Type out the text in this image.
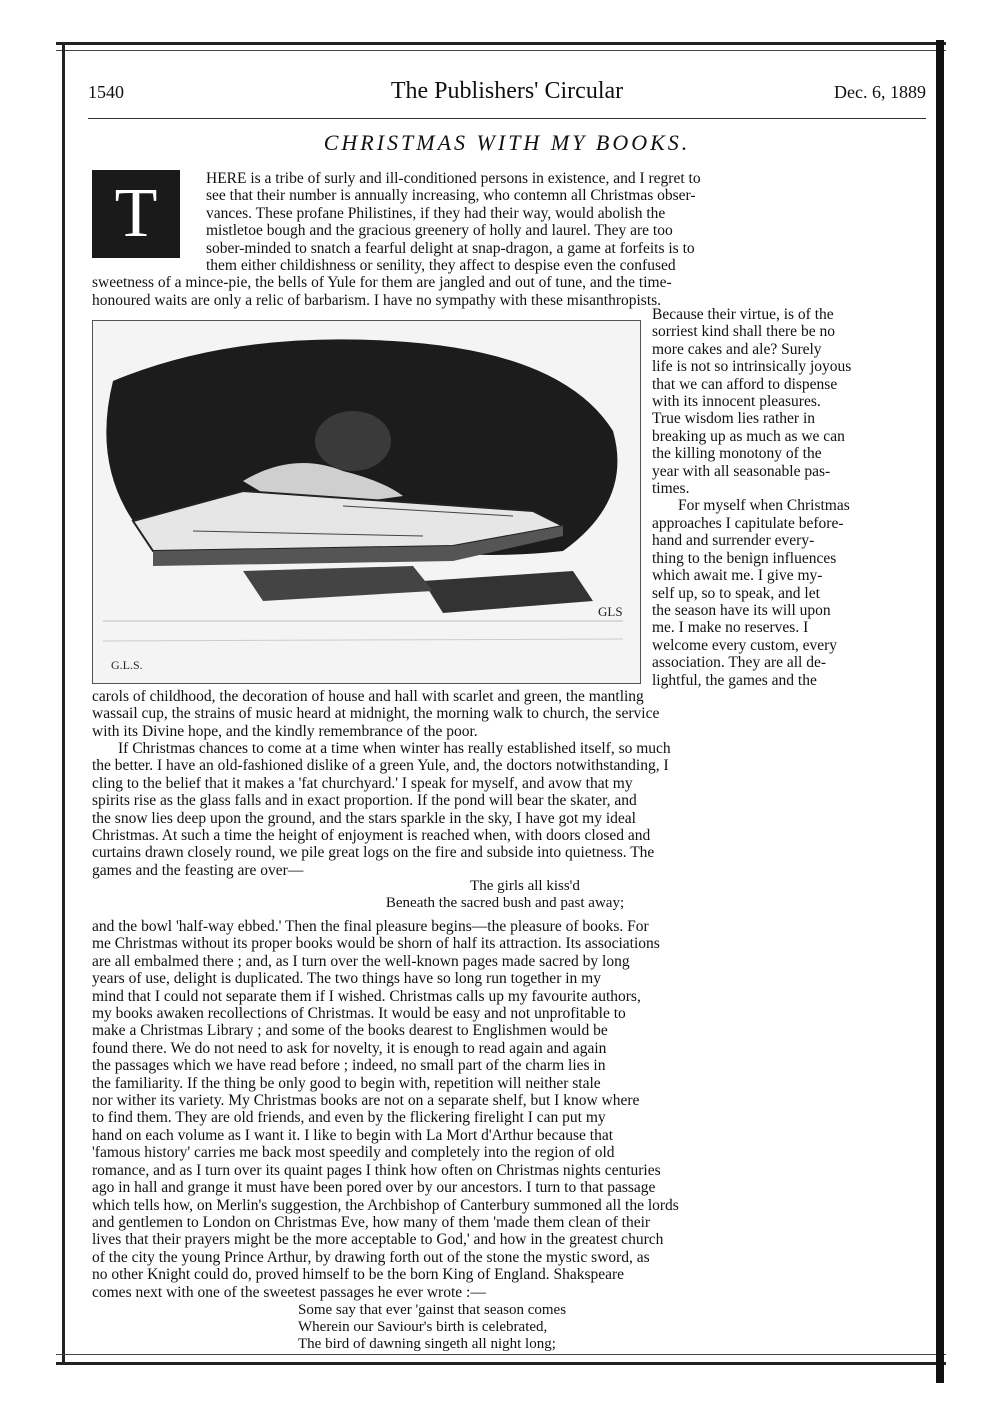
1540	The Publishers' Circular	Dec. 6, 1889
CHRISTMAS WITH MY BOOKS.
T	HERE is a tribe of surly and ill-conditioned persons in existence, and I regret to
see that their number is annually increasing, who contemn all Christmas obser-
vances. These profane Philistines, if they had their way, would abolish the
mistletoe bough and the gracious greenery of holly and laurel. They are too
sober-minded to snatch a fearful delight at snap-dragon, a game at forfeits is to
them either childishness or senility, they affect to despise even the confused
sweetness of a mince-pie, the bells of Yule for them are jangled and out of tune, and the time-
honoured waits are only a relic of barbarism. I have no sympathy with these misanthropists.
GLS
G.L.S.
Because their virtue, is of the
sorriest kind shall there be no
more cakes and ale? Surely
life is not so intrinsically joyous
that we can afford to dispense
with its innocent pleasures.
True wisdom lies rather in
breaking up as much as we can
the killing monotony of the
year with all seasonable pas-
times.
For myself when Christmas
approaches I capitulate before-
hand and surrender every-
thing to the benign influences
which await me. I give my-
self up, so to speak, and let
the season have its will upon
me. I make no reserves. I
welcome every custom, every
association. They are all de-
lightful, the games and the
carols of childhood, the decoration of house and hall with scarlet and green, the mantling
wassail cup, the strains of music heard at midnight, the morning walk to church, the service
with its Divine hope, and the kindly remembrance of the poor.
If Christmas chances to come at a time when winter has really established itself, so much
the better. I have an old-fashioned dislike of a green Yule, and, the doctors notwithstanding, I
cling to the belief that it makes a 'fat churchyard.' I speak for myself, and avow that my
spirits rise as the glass falls and in exact proportion. If the pond will bear the skater, and
the snow lies deep upon the ground, and the stars sparkle in the sky, I have got my ideal
Christmas. At such a time the height of enjoyment is reached when, with doors closed and
curtains drawn closely round, we pile great logs on the fire and subside into quietness. The
games and the feasting are over—
The girls all kiss'd
Beneath the sacred bush and past away;
and the bowl 'half-way ebbed.' Then the final pleasure begins—the pleasure of books. For
me Christmas without its proper books would be shorn of half its attraction. Its associations
are all embalmed there ; and, as I turn over the well-known pages made sacred by long
years of use, delight is duplicated. The two things have so long run together in my
mind that I could not separate them if I wished. Christmas calls up my favourite authors,
my books awaken recollections of Christmas. It would be easy and not unprofitable to
make a Christmas Library ; and some of the books dearest to Englishmen would be
found there. We do not need to ask for novelty, it is enough to read again and again
the passages which we have read before ; indeed, no small part of the charm lies in
the familiarity. If the thing be only good to begin with, repetition will neither stale
nor wither its variety. My Christmas books are not on a separate shelf, but I know where
to find them. They are old friends, and even by the flickering firelight I can put my
hand on each volume as I want it. I like to begin with La Mort d'Arthur because that
'famous history' carries me back most speedily and completely into the region of old
romance, and as I turn over its quaint pages I think how often on Christmas nights centuries
ago in hall and grange it must have been pored over by our ancestors. I turn to that passage
which tells how, on Merlin's suggestion, the Archbishop of Canterbury summoned all the lords
and gentlemen to London on Christmas Eve, how many of them 'made them clean of their
lives that their prayers might be the more acceptable to God,' and how in the greatest church
of the city the young Prince Arthur, by drawing forth out of the stone the mystic sword, as
no other Knight could do, proved himself to be the born King of England. Shakspeare
comes next with one of the sweetest passages he ever wrote :—
Some say that ever 'gainst that season comes
Wherein our Saviour's birth is celebrated,
The bird of dawning singeth all night long;
